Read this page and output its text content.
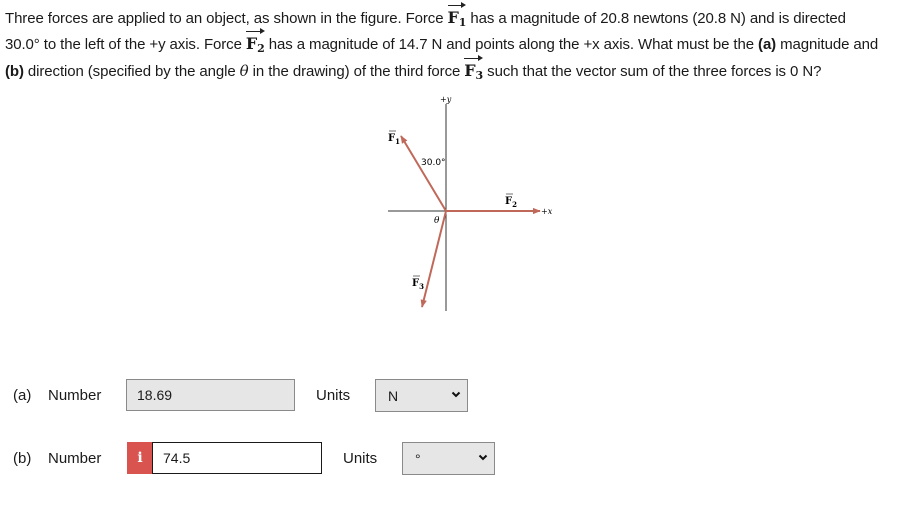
Three forces are applied to an object, as shown in the figure. Force $F_1$ has a magnitude of 20.8 newtons (20.8 N) and is directed
30.0° to the left of the +y axis. Force $F_2$ has a magnitude of 14.7 N and points along the +x axis. What must be the (a) magnitude and
(b) direction (specified by the angle θ in the drawing) of the third force $F_3$ such that the vector sum of the three forces is 0 N?
+y
+x
30.0°
θ
$F_1$
$F_2$
$F_3$
(a) Number	18.69	Units	N
(b) Number	i	74.5	Units	°
